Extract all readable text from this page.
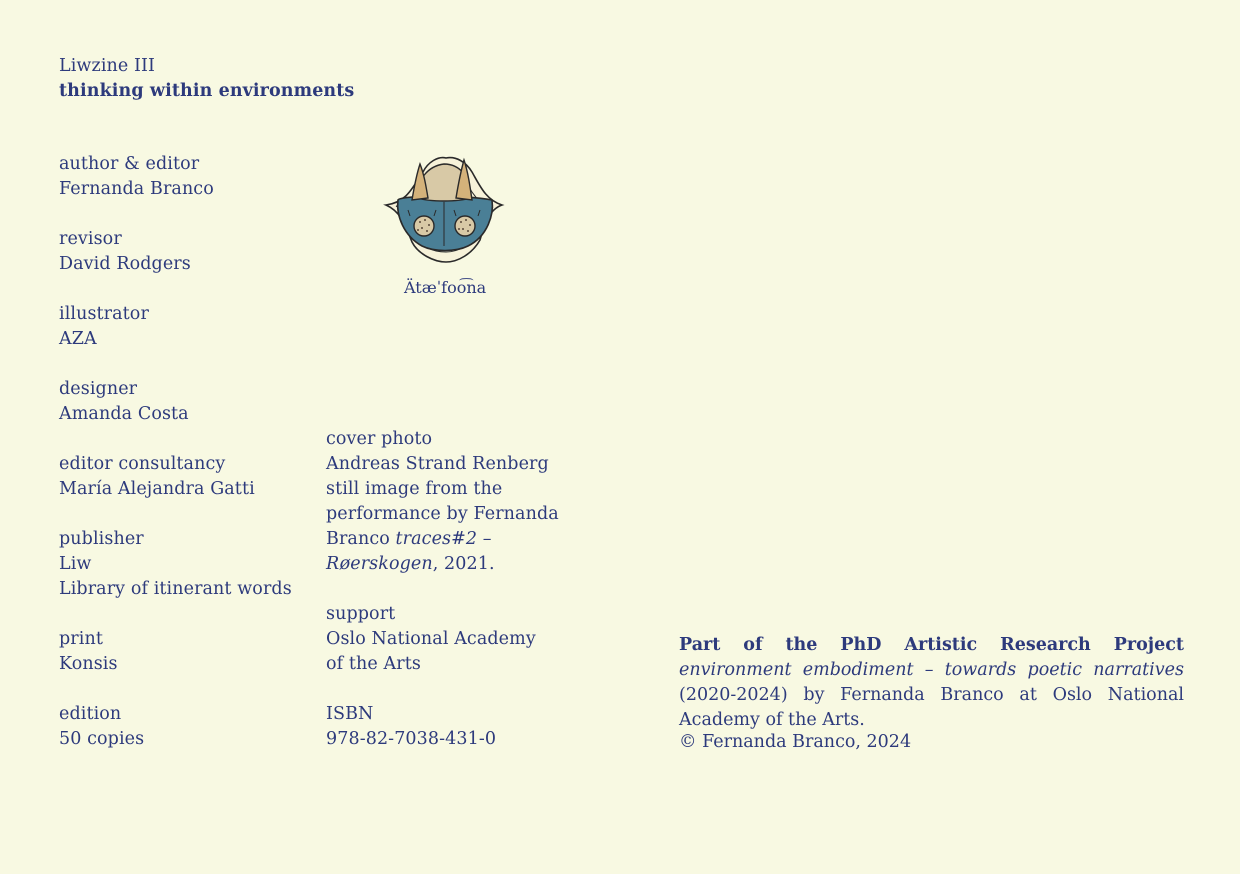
Liwzine III
thinking within environments
author & editor
Fernanda Branco
revisor
David Rodgers
illustrator
AZA
designer
Amanda Costa
editor consultancy
María Alejandra Gatti
publisher
Liw
Library of itinerant words
print
Konsis
edition
50 copies
Ätæˈfoo͡na
cover photo
Andreas Strand Renberg
still image from the
performance by Fernanda
Branco traces#2 –
Røerskogen, 2021.
support
Oslo National Academy
of the Arts
ISBN
978-82-7038-431-0
Part of the PhD Artistic Research Project environment embodiment – towards poetic narratives (2020-2024) by Fernanda Branco at Oslo National Academy of the Arts.
© Fernanda Branco, 2024
